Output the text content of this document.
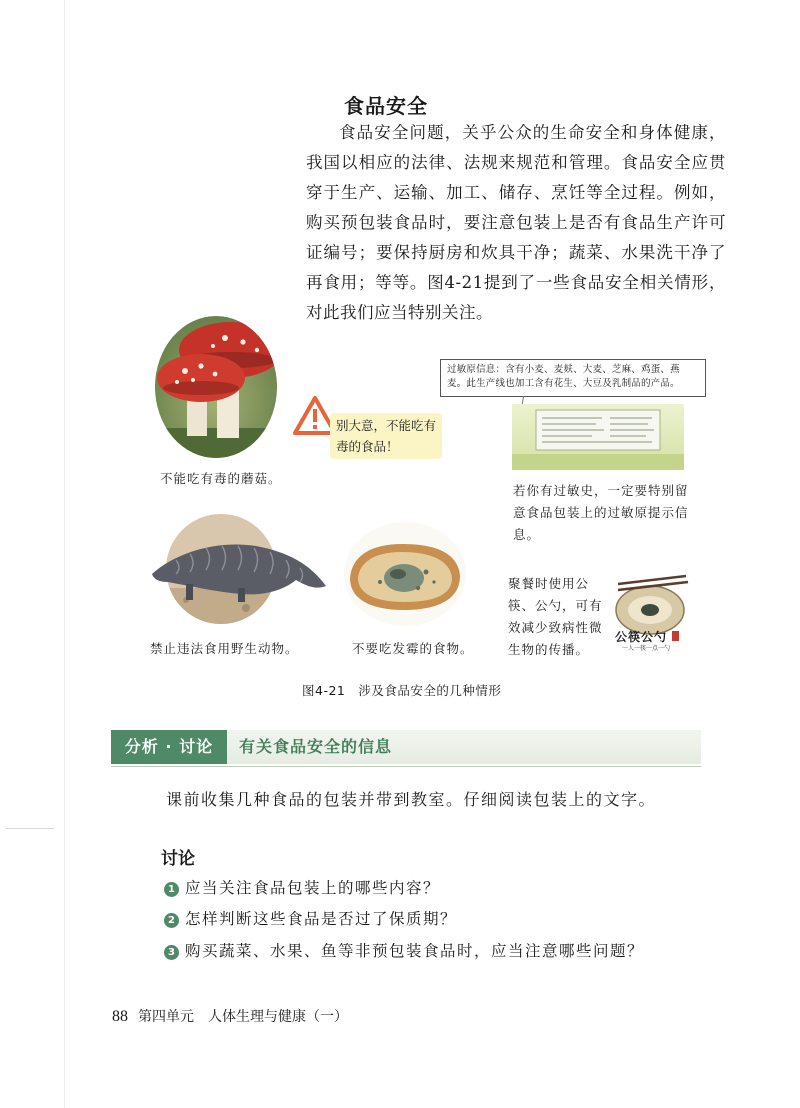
食品安全
食品安全问题，关乎公众的生命安全和身体健康，我国以相应的法律、法规来规范和管理。食品安全应贯穿于生产、运输、加工、储存、烹饪等全过程。例如，购买预包装食品时，要注意包装上是否有食品生产许可证编号；要保持厨房和炊具干净；蔬菜、水果洗干净了再食用；等等。图4-21提到了一些食品安全相关情形，对此我们应当特别关注。
不能吃有毒的蘑菇。
别大意，不能吃有毒的食品！
过敏原信息：含有小麦、麦麸、大麦、芝麻、鸡蛋、燕麦。此生产线也加工含有花生、大豆及乳制品的产品。
若你有过敏史，一定要特别留意食品包装上的过敏原提示信息。
禁止违法食用野生动物。	不要吃发霉的食物。
聚餐时使用公筷、公勺，可有效减少致病性微生物的传播。
公筷公勺
一人一筷一点一勺
图4-21　涉及食品安全的几种情形
分析 · 讨论	有关食品安全的信息
课前收集几种食品的包装并带到教室。仔细阅读包装上的文字。
讨论
1 应当关注食品包装上的哪些内容？
2 怎样判断这些食品是否过了保质期？
3 购买蔬菜、水果、鱼等非预包装食品时，应当注意哪些问题？
88 第四单元　人体生理与健康（一）
